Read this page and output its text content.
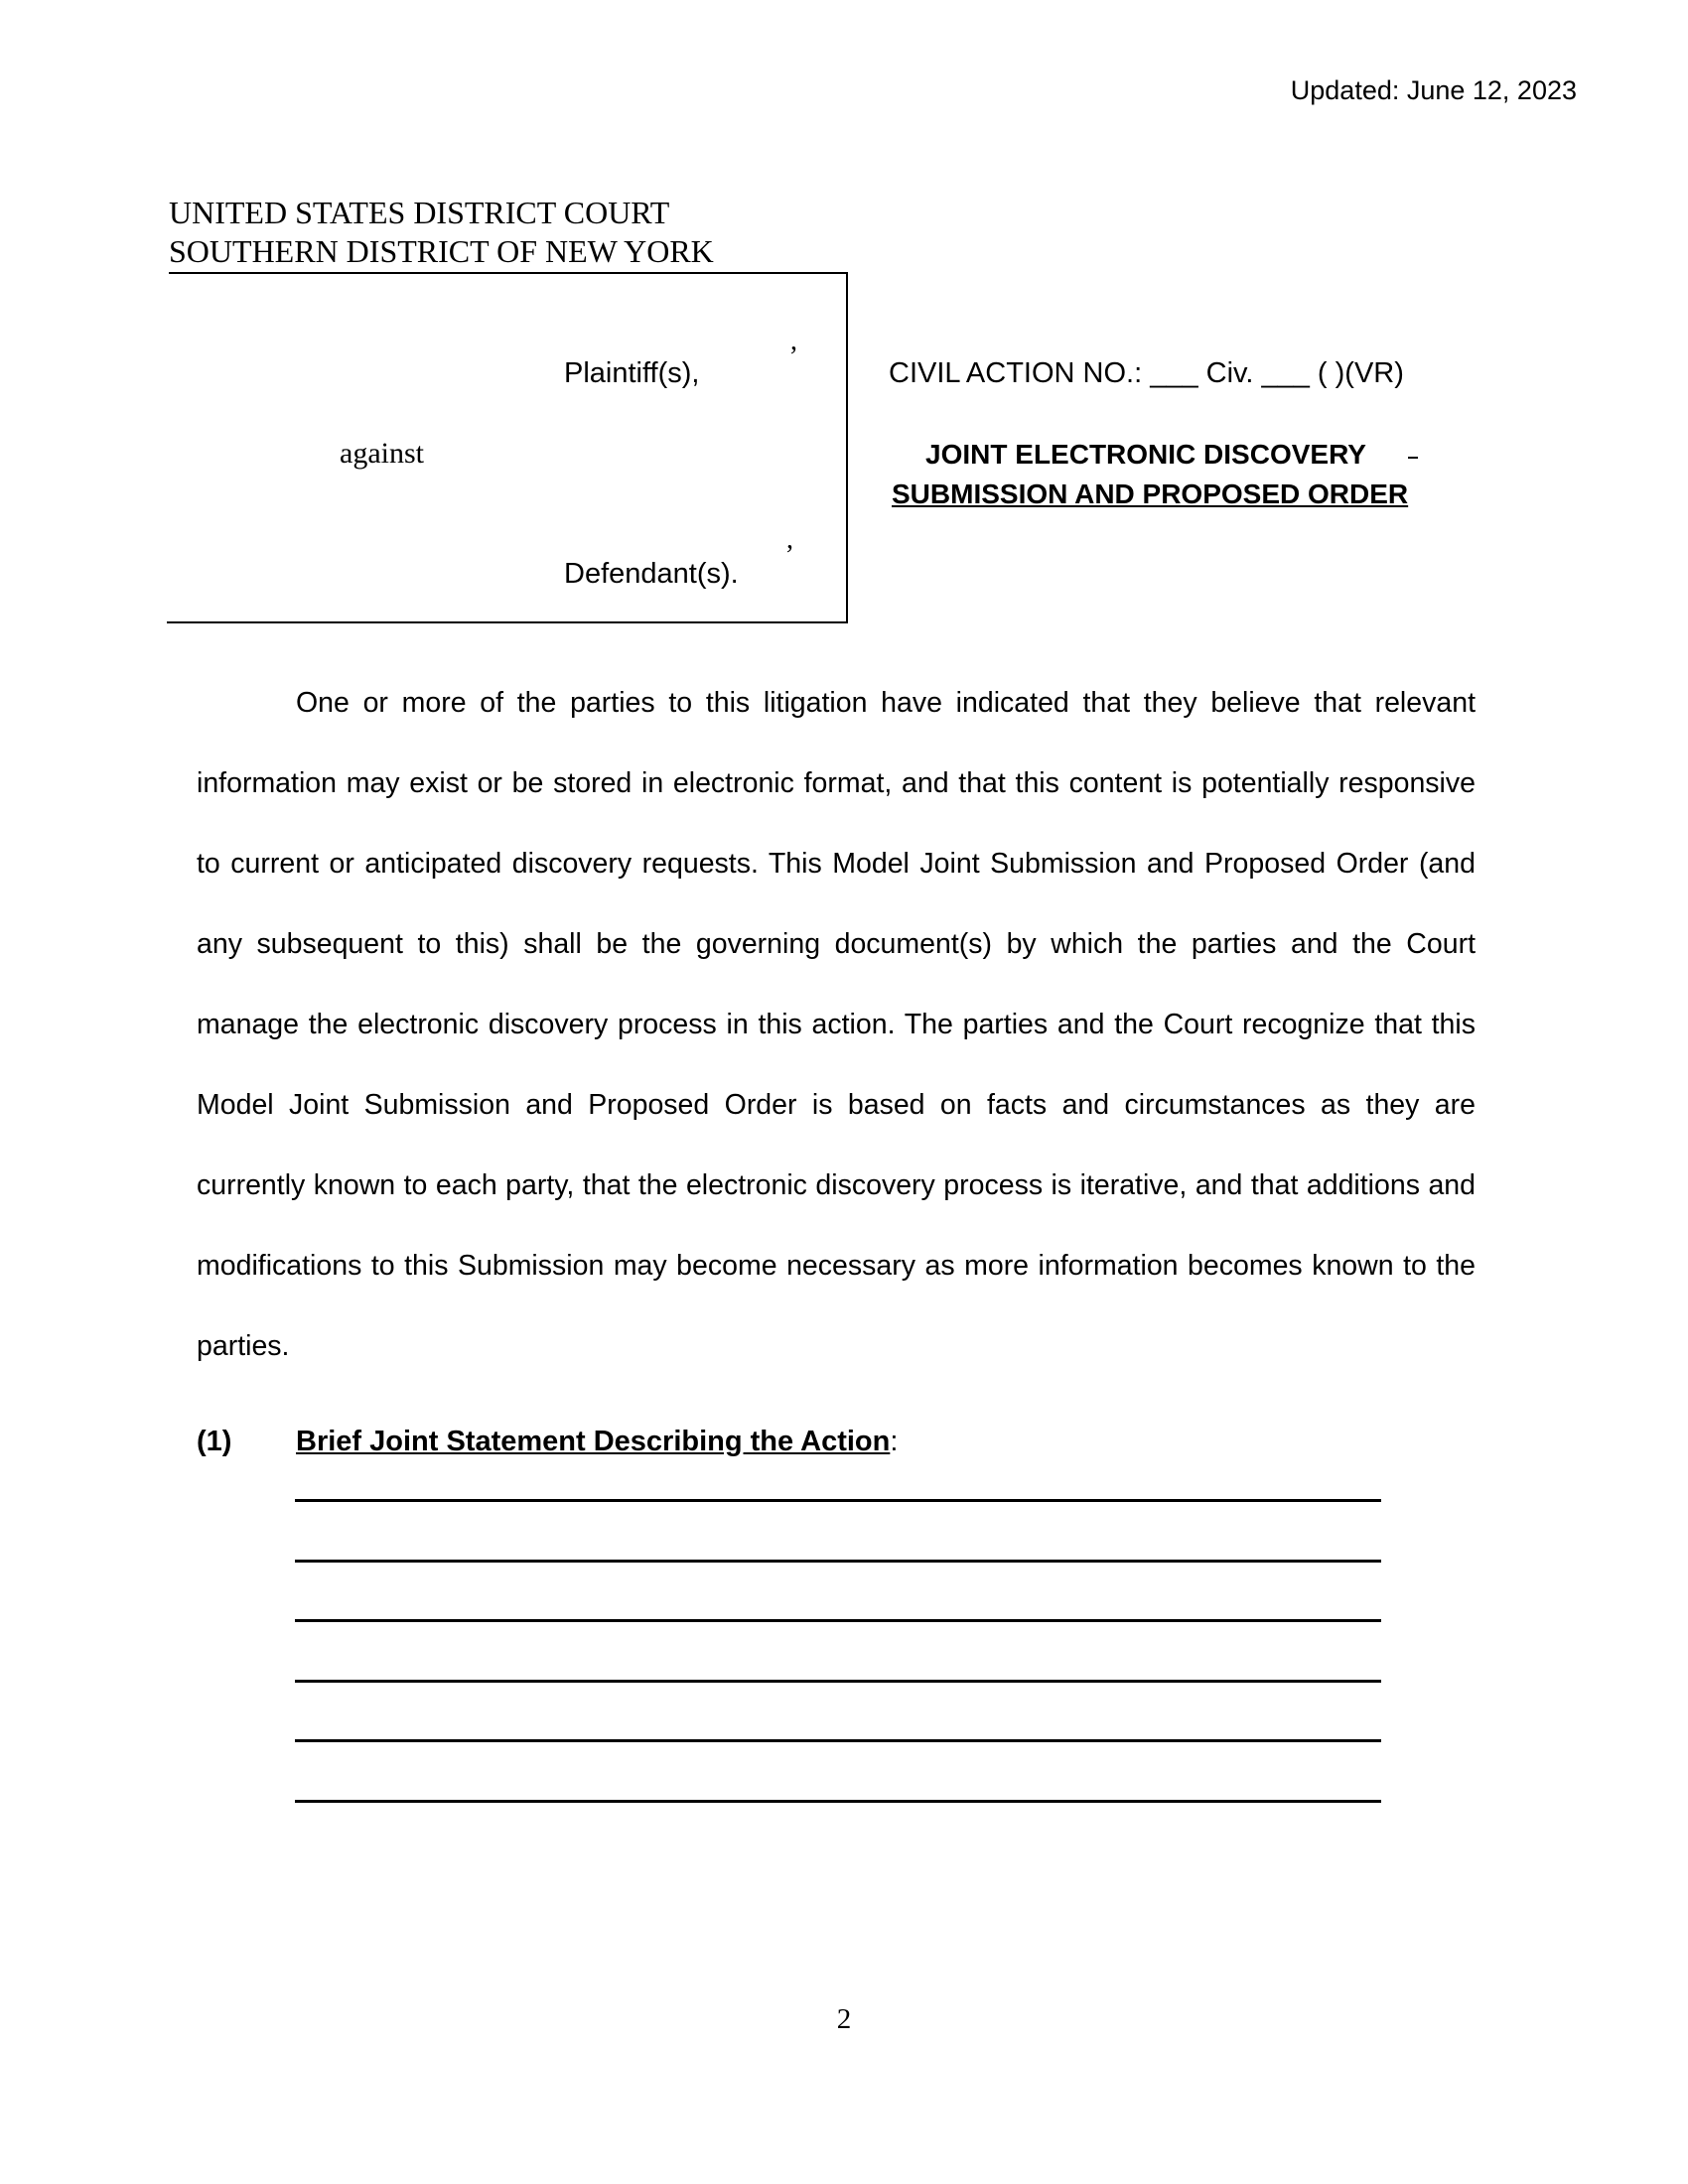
Updated: June 12, 2023
UNITED STATES DISTRICT COURT
SOUTHERN DISTRICT OF NEW YORK
,
Plaintiff(s),
against
,
Defendant(s).
CIVIL ACTION NO.: ___ Civ. ___ ( )(VR)
JOINT ELECTRONIC DISCOVERY
SUBMISSION AND PROPOSED ORDER

One or more of the parties to this litigation have indicated that they believe that relevant information may exist or be stored in electronic format, and that this content is potentially responsive to current or anticipated discovery requests. This Model Joint Submission and Proposed Order (and any subsequent to this) shall be the governing document(s) by which the parties and the Court manage the electronic discovery process in this action. The parties and the Court recognize that this Model Joint Submission and Proposed Order is based on facts and circumstances as they are currently known to each party, that the electronic discovery process is iterative, and that additions and modifications to this Submission may become necessary as more information becomes known to the parties.

(1) Brief Joint Statement Describing the Action:
2
